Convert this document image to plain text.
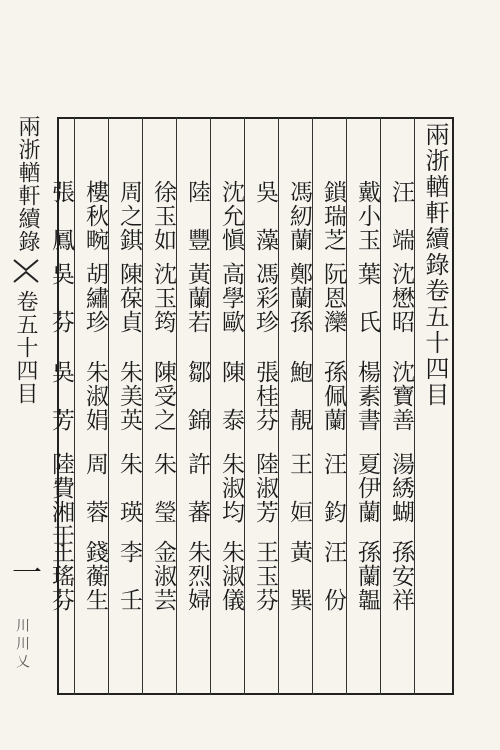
兩浙輶軒續錄
卷五十四目
一
川川乂
兩浙輶軒續錄卷五十四目
汪　端
沈懋昭
沈寶善
湯綉蝴
孫安祥
戴小玉
葉　氏
楊素書
夏伊蘭
孫蘭韞
鎖瑞芝
阮恩灤
孫佩蘭
汪　鈞
汪　份
馮紉蘭
鄭蘭孫
鮑　靚
王　姮
黃　巽
吳　藻
馮彩珍
張桂芬
陸淑芳
王玉芬
沈允愼
高學歐
陳　泰
朱淑均
朱淑儀
陸　豐
黃蘭若
鄒　錦
許　蕃
朱烈婦
徐玉如
沈玉筠
陳受之
朱　瑩
金淑芸
周之錤
陳葆貞
朱美英
朱　瑛
李　壬
樓秋畹
胡繡珍
朱淑娟
周　蓉
錢蘅生
張　鳳
吳　芬
吳　芳
陸費湘于
王瑤芬
